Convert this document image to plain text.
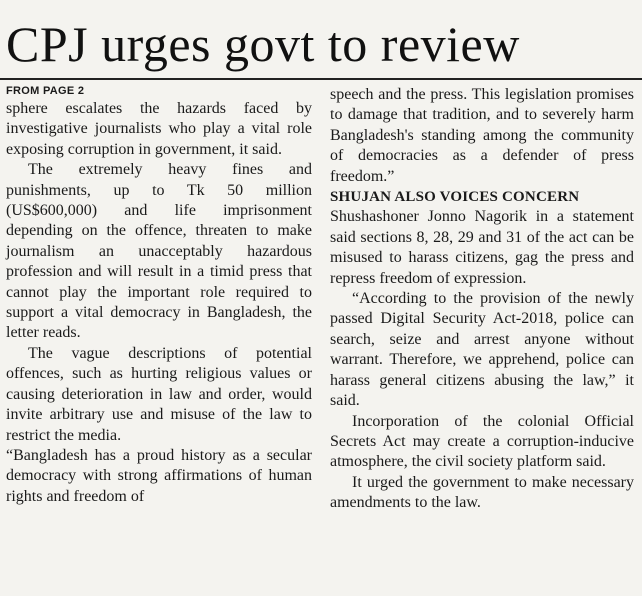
CPJ urges govt to review
FROM PAGE 2

sphere escalates the hazards faced by investigative journalists who play a vital role exposing corruption in government, it said.

The extremely heavy fines and punishments, up to Tk 50 million (US$600,000) and life imprisonment depending on the offence, threaten to make journalism an unacceptably hazardous profession and will result in a timid press that cannot play the important role required to support a vital democracy in Bangladesh, the letter reads.

The vague descriptions of potential offences, such as hurting religious values or causing deterioration in law and order, would invite arbitrary use and misuse of the law to restrict the media.

“Bangladesh has a proud history as a secular democracy with strong affirmations of human rights and freedom of

speech and the press. This legislation promises to damage that tradition, and to severely harm Bangladesh's standing among the community of democracies as a defender of press freedom.”

SHUJAN ALSO VOICES CONCERN

Shushashoner Jonno Nagorik in a statement said sections 8, 28, 29 and 31 of the act can be misused to harass citizens, gag the press and repress freedom of expression.

“According to the provision of the newly passed Digital Security Act-2018, police can search, seize and arrest anyone without warrant. Therefore, we apprehend, police can harass general citizens abusing the law,” it said.

Incorporation of the colonial Official Secrets Act may create a corruption-inducive atmosphere, the civil society platform said.

It urged the government to make necessary amendments to the law.
